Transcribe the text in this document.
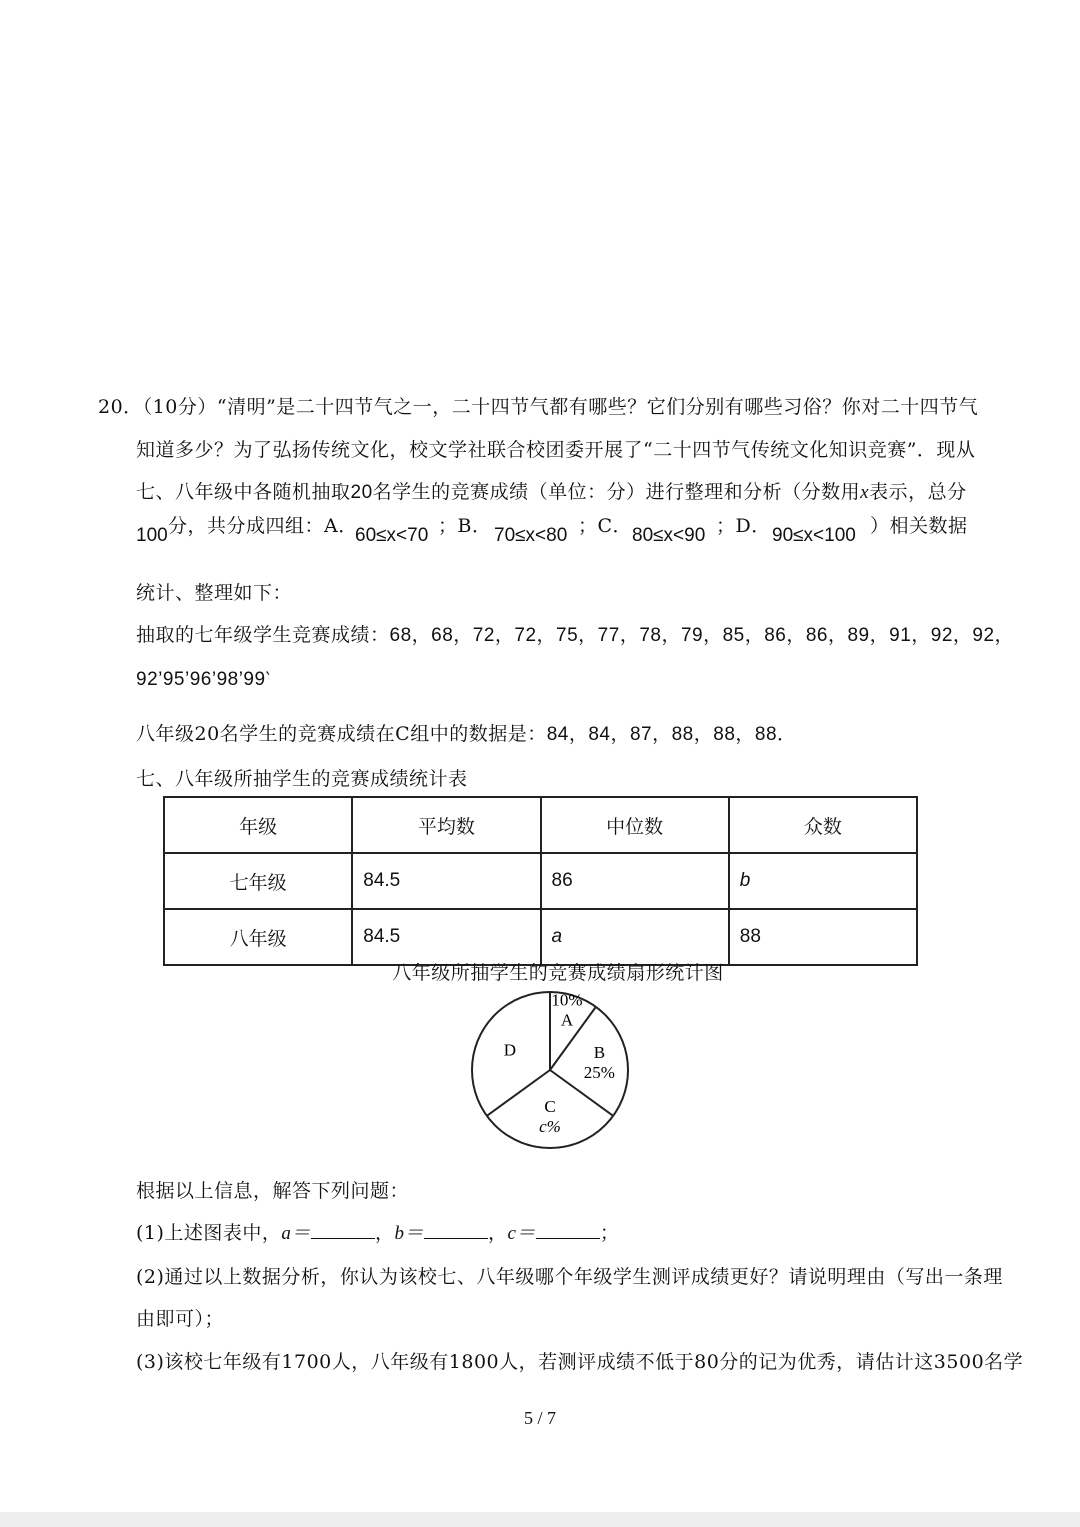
20．（10分）“清明”是二十四节气之一，二十四节气都有哪些？它们分别有哪些习俗？你对二十四节气
知道多少？为了弘扬传统文化，校文学社联合校团委开展了“二十四节气传统文化知识竞赛”．现从
七、八年级中各随机抽取20名学生的竞赛成绩（单位：分）进行整理和分析（分数用x表示，总分
100 分，共分成四组：A．
60≤x<70 ；B． 70≤x<80 ；C． 80≤x<90 ；D． 90≤x<100 ）相关数据
统计、整理如下：
抽取的七年级学生竞赛成绩：68，68，72，72，75，77，78，79，85，86，86，89，91，92，92，
92’95’96’98’99‵
八年级20名学生的竞赛成绩在C组中的数据是：84，84，87，88，88，88．
七、八年级所抽学生的竞赛成绩统计表
年级	平均数	中位数	众数
七年级	84.5	86	b
八年级	84.5	a	88
八年级所抽学生的竞赛成绩扇形统计图
A
10%
B
25%
C
c%
D
根据以上信息，解答下列问题：
(1)上述图表中，a＝	，b＝	，c＝	；
(2)通过以上数据分析，你认为该校七、八年级哪个年级学生测评成绩更好？请说明理由（写出一条理
由即可）；
(3)该校七年级有1700人，八年级有1800人，若测评成绩不低于80分的记为优秀，请估计这3500名学
5 / 7
